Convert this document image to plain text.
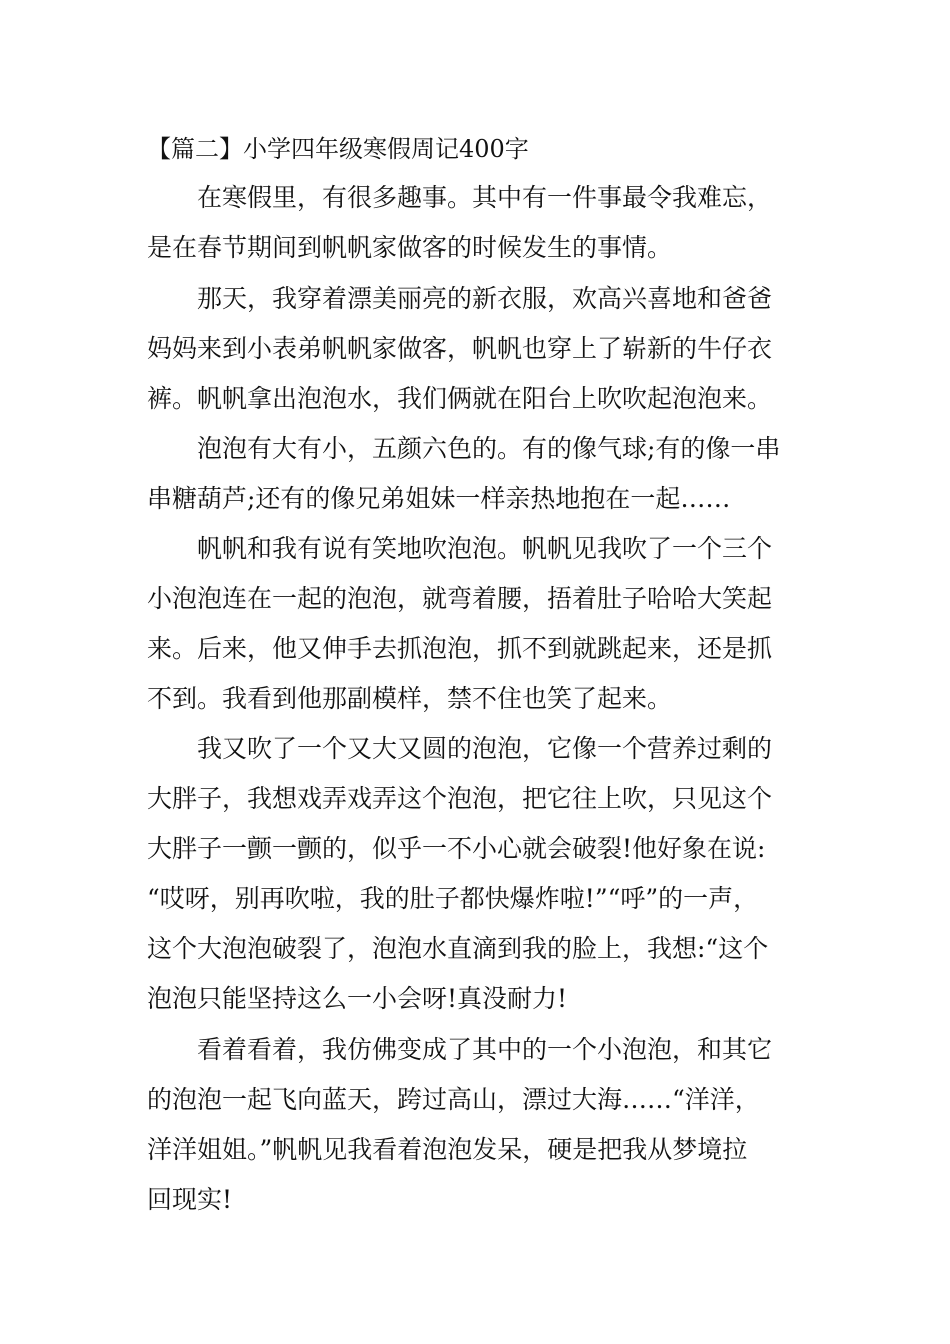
【篇二】小学四年级寒假周记400字
在寒假里，有很多趣事。其中有一件事最令我难忘，
是在春节期间到帆帆家做客的时候发生的事情。
那天，我穿着漂美丽亮的新衣服，欢高兴喜地和爸爸
妈妈来到小表弟帆帆家做客，帆帆也穿上了崭新的牛仔衣
裤。帆帆拿出泡泡水，我们俩就在阳台上吹吹起泡泡来。
泡泡有大有小，五颜六色的。有的像气球;有的像一串
串糖葫芦;还有的像兄弟姐妹一样亲热地抱在一起……
帆帆和我有说有笑地吹泡泡。帆帆见我吹了一个三个
小泡泡连在一起的泡泡，就弯着腰，捂着肚子哈哈大笑起
来。后来，他又伸手去抓泡泡，抓不到就跳起来，还是抓
不到。我看到他那副模样，禁不住也笑了起来。
我又吹了一个又大又圆的泡泡，它像一个营养过剩的
大胖子，我想戏弄戏弄这个泡泡，把它往上吹，只见这个
大胖子一颤一颤的，似乎一不小心就会破裂!他好象在说:
“哎呀，别再吹啦，我的肚子都快爆炸啦!”“呼”的一声，
这个大泡泡破裂了，泡泡水直滴到我的脸上，我想:“这个
泡泡只能坚持这么一小会呀!真没耐力!
看着看着，我仿佛变成了其中的一个小泡泡，和其它
的泡泡一起飞向蓝天，跨过高山，漂过大海……“洋洋，
洋洋姐姐。”帆帆见我看着泡泡发呆，硬是把我从梦境拉
回现实!
